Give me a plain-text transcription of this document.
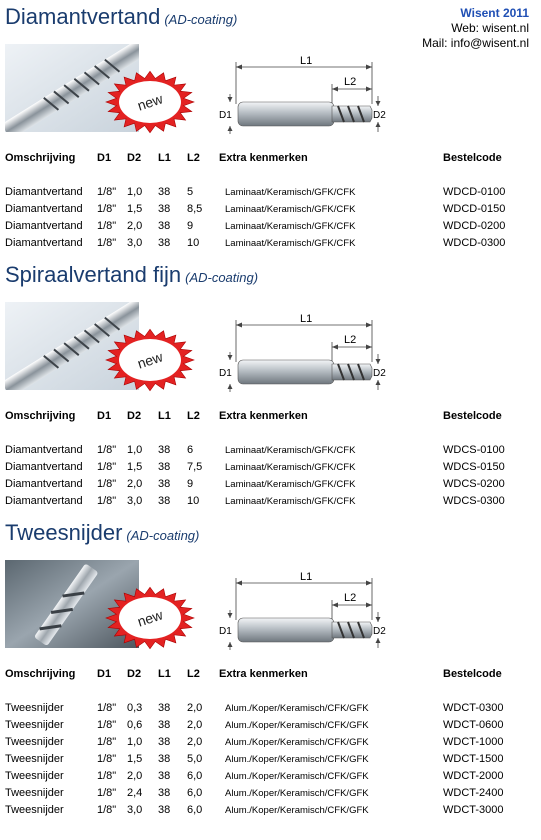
Diamantvertand (AD-coating)
new
L1
L2
D1	D2
Omschrijving D1 D2 L1 L2 Extra kenmerken	Bestelcode
Diamantvertand 1/8" 1,0 38 5	Laminaat/Keramisch/GFK/CFK	WDCD-0100
Diamantvertand 1/8" 1,5 38 8,5 Laminaat/Keramisch/GFK/CFK	WDCD-0150
Diamantvertand 1/8" 2,0 38 9	Laminaat/Keramisch/GFK/CFK	WDCD-0200
Diamantvertand 1/8" 3,0 38 10	Laminaat/Keramisch/GFK/CFK	WDCD-0300
Spiraalvertand fijn (AD-coating)
new
L1
L2
D1	D2
Omschrijving D1 D2 L1 L2 Extra kenmerken	Bestelcode
Diamantvertand 1/8" 1,0 38 6	Laminaat/Keramisch/GFK/CFK	WDCS-0100
Diamantvertand 1/8" 1,5 38 7,5 Laminaat/Keramisch/GFK/CFK	WDCS-0150
Diamantvertand 1/8" 2,0 38 9	Laminaat/Keramisch/GFK/CFK	WDCS-0200
Diamantvertand 1/8" 3,0 38 10	Laminaat/Keramisch/GFK/CFK	WDCS-0300
Tweesnijder (AD-coating)
new
L1
L2
D1	D2
Omschrijving D1 D2 L1 L2 Extra kenmerken	Bestelcode
Tweesnijder	1/8" 0,3 38 2,0 Alum./Koper/Keramisch/CFK/GFK	WDCT-0300
Tweesnijder	1/8" 0,6 38 2,0 Alum./Koper/Keramisch/CFK/GFK	WDCT-0600
Tweesnijder	1/8" 1,0 38 2,0 Alum./Koper/Keramisch/CFK/GFK	WDCT-1000
Tweesnijder	1/8" 1,5 38 5,0 Alum./Koper/Keramisch/CFK/GFK	WDCT-1500
Tweesnijder	1/8" 2,0 38 6,0 Alum./Koper/Keramisch/CFK/GFK	WDCT-2000
Tweesnijder	1/8" 2,4 38 6,0 Alum./Koper/Keramisch/CFK/GFK	WDCT-2400
Tweesnijder	1/8" 3,0 38 6,0 Alum./Koper/Keramisch/CFK/GFK	WDCT-3000
Wisent 2011
Web: wisent.nl
Mail: info@wisent.nl
